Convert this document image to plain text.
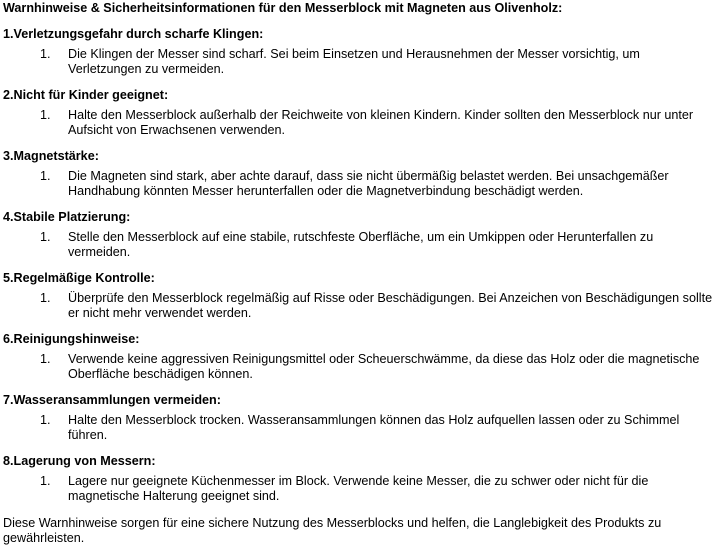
Warnhinweise & Sicherheitsinformationen für den Messerblock mit Magneten aus Olivenholz:
1.Verletzungsgefahr durch scharfe Klingen:
1.	Die Klingen der Messer sind scharf. Sei beim Einsetzen und Herausnehmen der Messer vorsichtig, um Verletzungen zu vermeiden.
2.Nicht für Kinder geeignet:
1.	Halte den Messerblock außerhalb der Reichweite von kleinen Kindern. Kinder sollten den Messerblock nur unter Aufsicht von Erwachsenen verwenden.
3.Magnetstärke:
1.	Die Magneten sind stark, aber achte darauf, dass sie nicht übermäßig belastet werden. Bei unsachgemäßer Handhabung könnten Messer herunterfallen oder die Magnetverbindung beschädigt werden.
4.Stabile Platzierung:
1.	Stelle den Messerblock auf eine stabile, rutschfeste Oberfläche, um ein Umkippen oder Herunterfallen zu vermeiden.
5.Regelmäßige Kontrolle:
1.	Überprüfe den Messerblock regelmäßig auf Risse oder Beschädigungen. Bei Anzeichen von Beschädigungen sollte er nicht mehr verwendet werden.
6.Reinigungshinweise:
1.	Verwende keine aggressiven Reinigungsmittel oder Scheuerschwämme, da diese das Holz oder die magnetische Oberfläche beschädigen können.
7.Wasseransammlungen vermeiden:
1.	Halte den Messerblock trocken. Wasseransammlungen können das Holz aufquellen lassen oder zu Schimmel führen.
8.Lagerung von Messern:
1.	Lagere nur geeignete Küchenmesser im Block. Verwende keine Messer, die zu schwer oder nicht für die magnetische Halterung geeignet sind.
Diese Warnhinweise sorgen für eine sichere Nutzung des Messerblocks und helfen, die Langlebigkeit des Produkts zu gewährleisten.
